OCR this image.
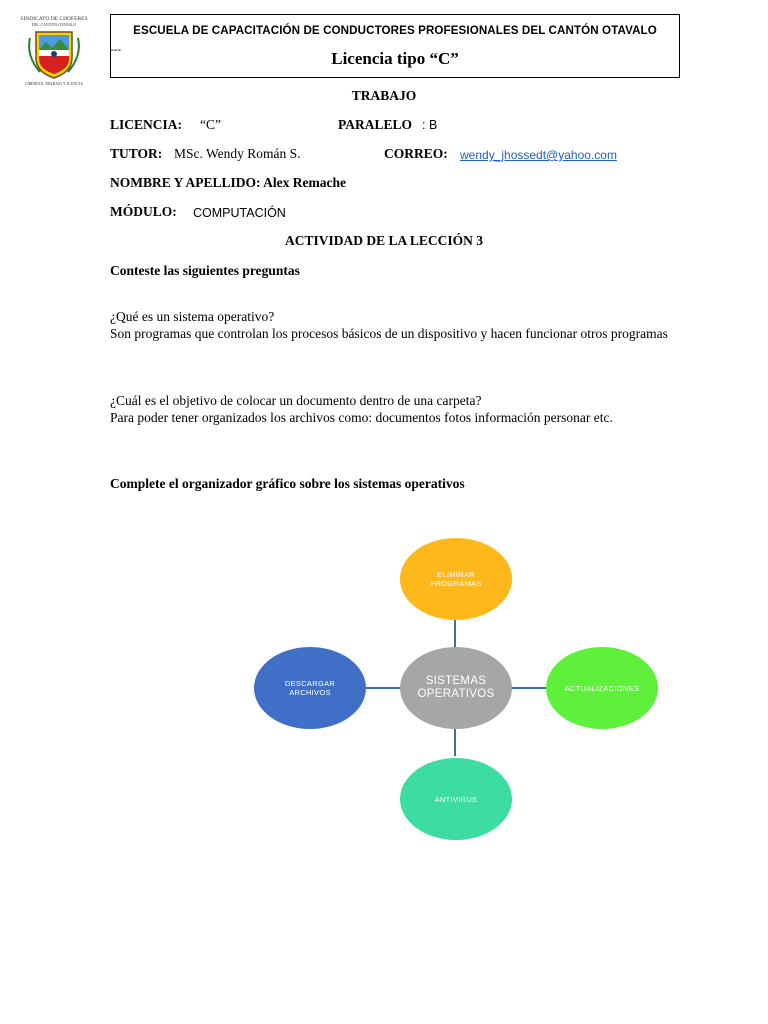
SINDICATO DE CHOFERES
DEL CANTÓN OTAVALO
LIBERTAD, TRABAJO Y JUSTICIA
ESCUELA DE CAPACITACIÓN DE CONDUCTORES PROFESIONALES DEL CANTÓN OTAVALO
Licencia tipo “C”
---
TRABAJO
LICENCIA: “C”	PARALELO : B
TUTOR: MSc. Wendy Román S.	CORREO: wendy_jhossedt@yahoo.com
NOMBRE Y APELLIDO: Alex Remache
MÓDULO: COMPUTACIÓN
ACTIVIDAD DE LA LECCIÓN 3
Conteste las siguientes preguntas
¿Qué es un sistema operativo?
Son programas que controlan los procesos básicos de un dispositivo y hacen funcionar otros programas
¿Cuál es el objetivo de colocar un documento dentro de una carpeta?
Para poder tener organizados los archivos como: documentos fotos información personar etc.
Complete el organizador gráfico sobre los sistemas operativos
ELIMINAR
PROGRAMAS
DESCARGAR
ARCHIVOS
SISTEMAS
OPERATIVOS	ACTUALIZACIONES
ANTIVIRUS
